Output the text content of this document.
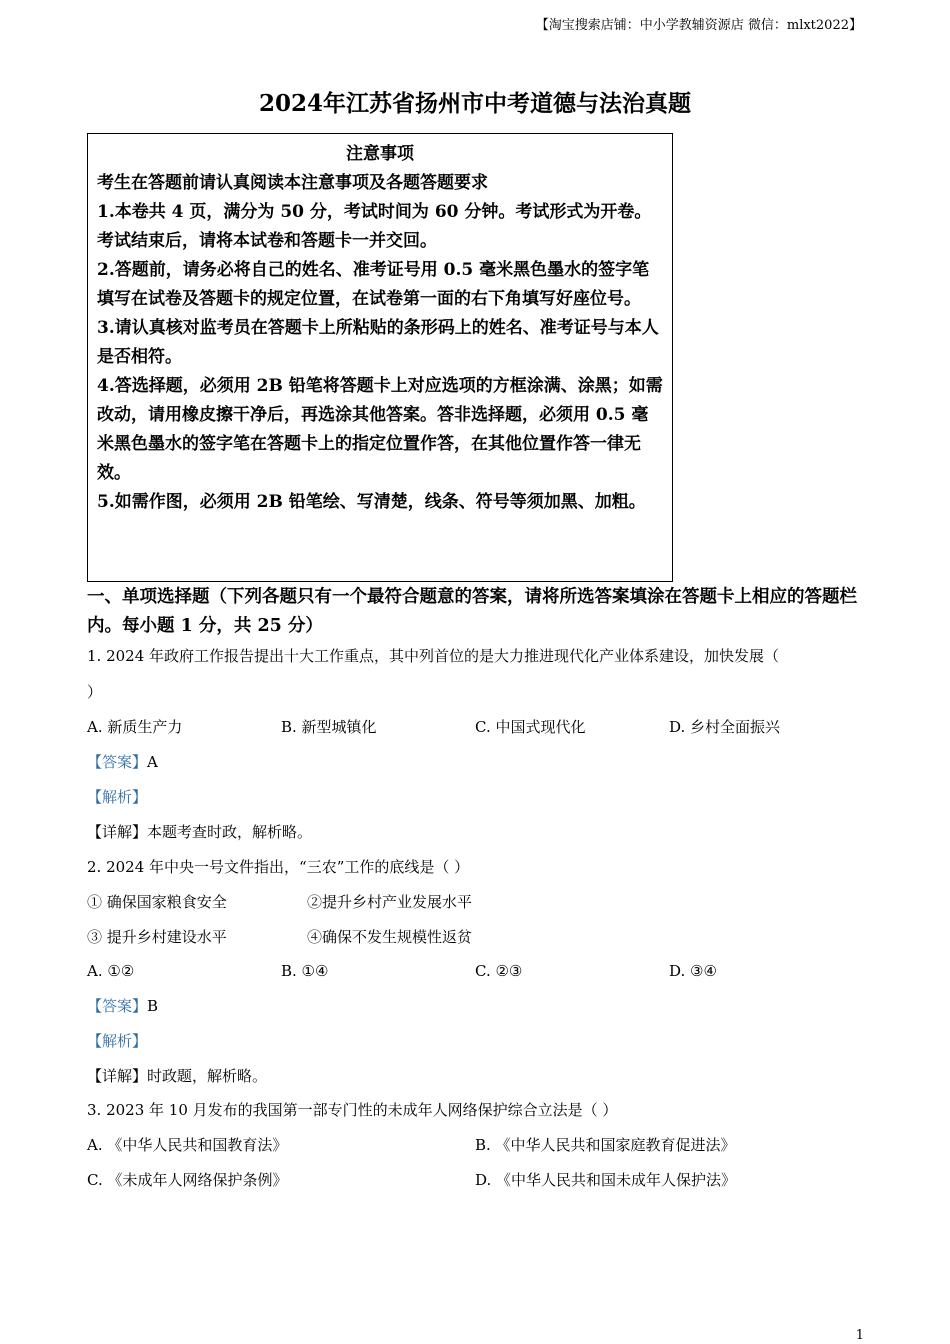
【淘宝搜索店铺：中小学教辅资源店 微信：mlxt2022】
2024年江苏省扬州市中考道德与法治真题
注意事项

考生在答题前请认真阅读本注意事项及各题答题要求

1.本卷共 4 页，满分为 50 分，考试时间为 60 分钟。考试形式为开卷。考试结束后，请将本试卷和答题卡一并交回。

2.答题前，请务必将自己的姓名、准考证号用 0.5 毫米黑色墨水的签字笔填写在试卷及答题卡的规定位置，在试卷第一面的右下角填写好座位号。

3.请认真核对监考员在答题卡上所粘贴的条形码上的姓名、准考证号与本人是否相符。

4.答选择题，必须用 2B 铅笔将答题卡上对应选项的方框涂满、涂黑；如需改动，请用橡皮擦干净后，再选涂其他答案。答非选择题，必须用 0.5 毫米黑色墨水的签字笔在答题卡上的指定位置作答，在其他位置作答一律无效。

5.如需作图，必须用 2B 铅笔绘、写清楚，线条、符号等须加黑、加粗。

一、单项选择题（下列各题只有一个最符合题意的答案，请将所选答案填涂在答题卡上相应的答题栏内。每小题 1 分，共 25 分）
1. 2024 年政府工作报告提出十大工作重点，其中列首位的是大力推进现代化产业体系建设，加快发展（
）
A. 新质生产力	B. 新型城镇化	C. 中国式现代化	D. 乡村全面振兴
【答案】A
【解析】
【详解】本题考查时政，解析略。
2. 2024 年中央一号文件指出，“三农”工作的底线是（ ）
① 确保国家粮食安全	②提升乡村产业发展水平
③ 提升乡村建设水平	④确保不发生规模性返贫
A. ①②	B. ①④	C. ②③	D. ③④
【答案】B
【解析】
【详解】时政题，解析略。
3. 2023 年 10 月发布的我国第一部专门性的未成年人网络保护综合立法是（ ）
A. 《中华人民共和国教育法》	B. 《中华人民共和国家庭教育促进法》
C. 《未成年人网络保护条例》	D. 《中华人民共和国未成年人保护法》
1
